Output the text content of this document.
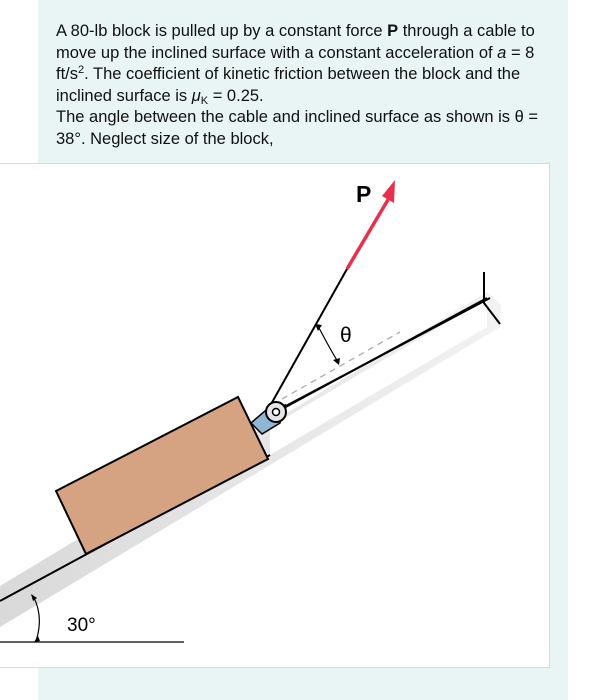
A 80-lb block is pulled up by a constant force P through a cable to move up the inclined surface with a constant acceleration of a = 8 $ft/s^2$. The coefficient of kinetic friction between the block and the inclined surface is $\mu_K = 0.25$.
The angle between the cable and inclined surface as shown is θ = 38°. Neglect size of the block,
30°
P
θ
